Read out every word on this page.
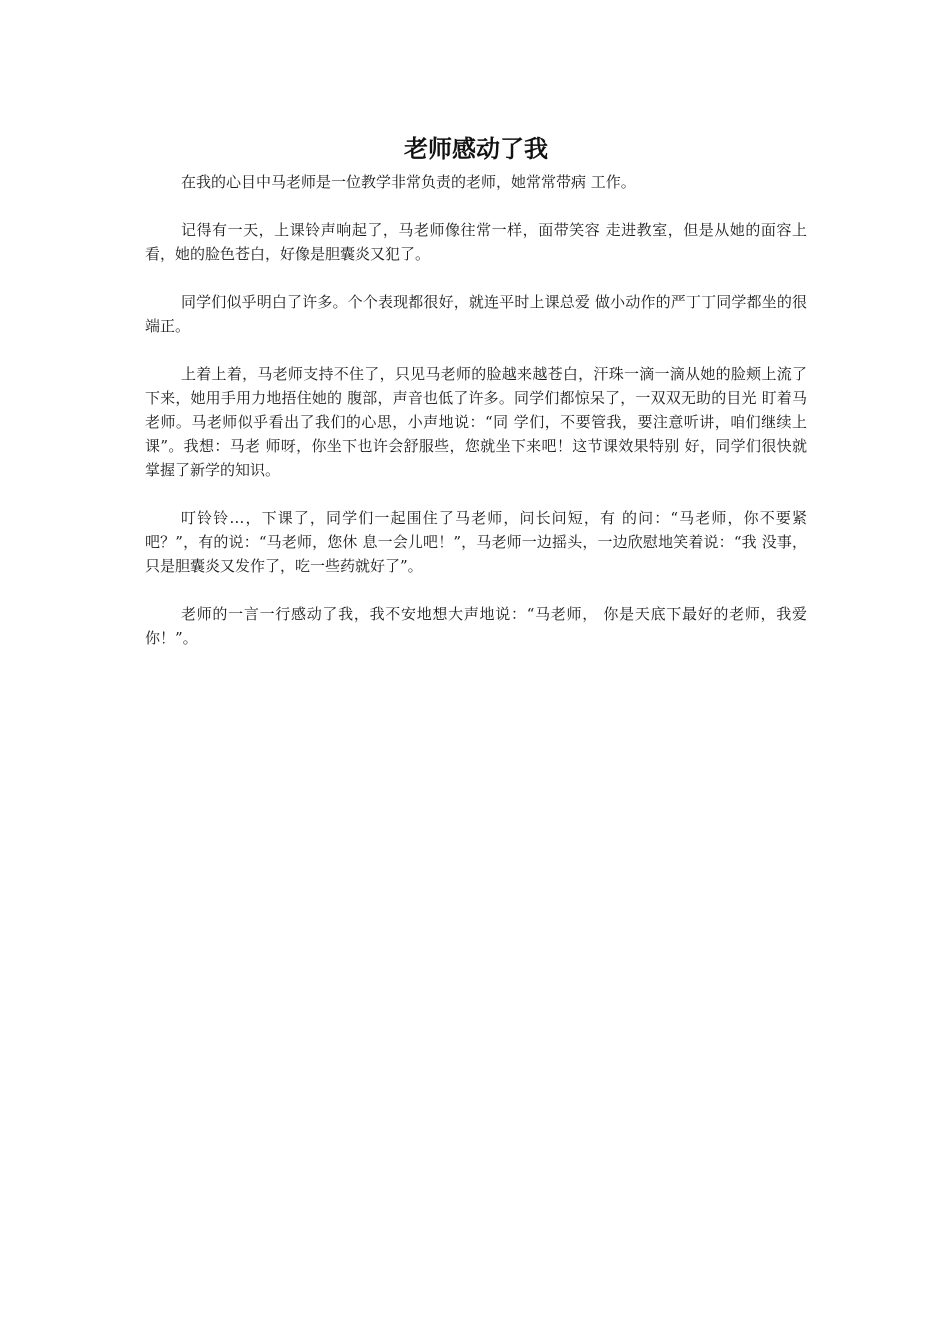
老师感动了我

在我的心目中马老师是一位教学非常负责的老师，她常常带病 工作。

记得有一天，上课铃声响起了，马老师像往常一样，面带笑容 走进教室，但是从她的面容上看，她的脸色苍白，好像是胆囊炎又犯了。

同学们似乎明白了许多。个个表现都很好，就连平时上课总爱 做小动作的严丁丁同学都坐的很端正。

上着上着，马老师支持不住了，只见马老师的脸越来越苍白，汗珠一滴一滴从她的脸颊上流了下来，她用手用力地捂住她的 腹部，声音也低了许多。同学们都惊呆了，一双双无助的目光 盯着马老师。马老师似乎看出了我们的心思，小声地说：“同 学们，不要管我，要注意听讲，咱们继续上课”。我想：马老 师呀，你坐下也许会舒服些，您就坐下来吧！这节课效果特别 好，同学们很快就掌握了新学的知识。

叮铃铃…，下课了，同学们一起围住了马老师，问长问短，有 的问：“马老师，你不要紧吧？”，有的说：“马老师，您休 息一会儿吧！”，马老师一边摇头，一边欣慰地笑着说：“我 没事，只是胆囊炎又发作了，吃一些药就好了”。

老师的一言一行感动了我，我不安地想大声地说：“马老师， 你是天底下最好的老师，我爱你！”。
